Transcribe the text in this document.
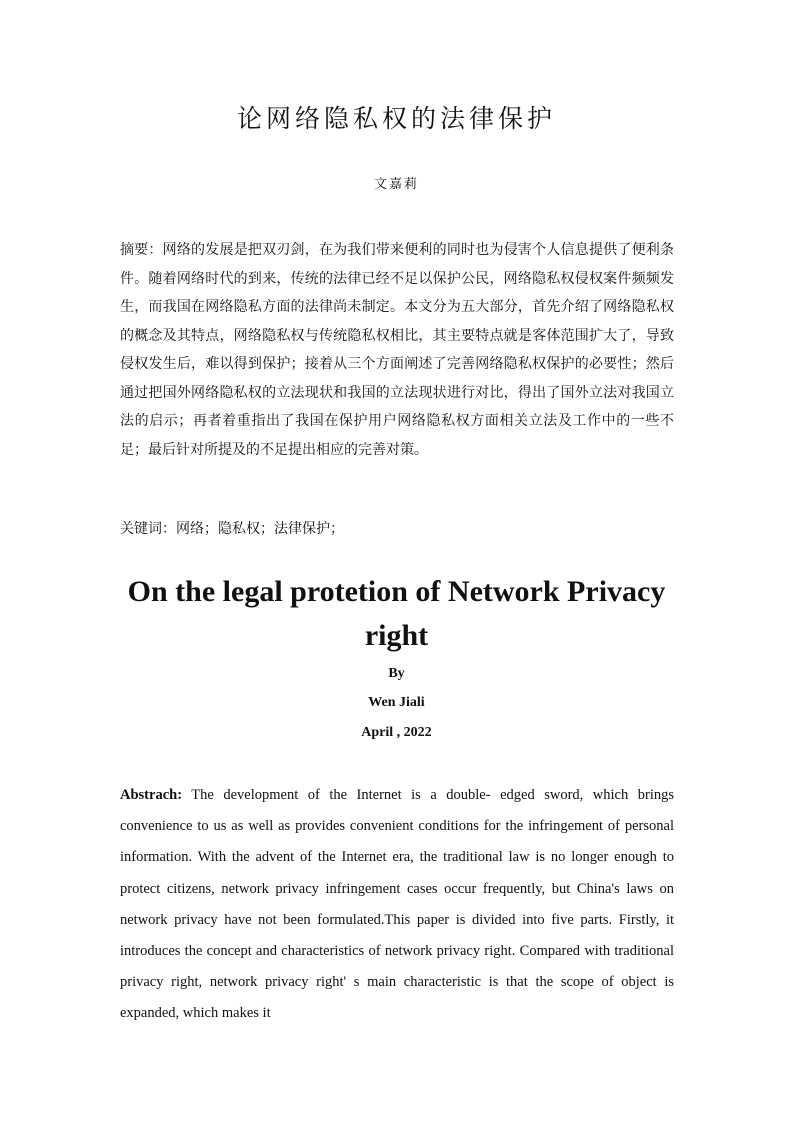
论网络隐私权的法律保护
文嘉莉
摘要：网络的发展是把双刃剑，在为我们带来便利的同时也为侵害个人信息提供了便利条件。随着网络时代的到来，传统的法律已经不足以保护公民，网络隐私权侵权案件频频发生，而我国在网络隐私方面的法律尚未制定。本文分为五大部分，首先介绍了网络隐私权的概念及其特点，网络隐私权与传统隐私权相比，其主要特点就是客体范围扩大了，导致侵权发生后，难以得到保护；接着从三个方面阐述了完善网络隐私权保护的必要性；然后通过把国外网络隐私权的立法现状和我国的立法现状进行对比，得出了国外立法对我国立法的启示；再者着重指出了我国在保护用户网络隐私权方面相关立法及工作中的一些不足；最后针对所提及的不足提出相应的完善对策。
关键词：网络；隐私权；法律保护；
On the legal protetion of Network Privacy right
By
Wen Jiali
April , 2022
Abstrach: The development of the Internet is a double- edged sword, which brings convenience to us as well as provides convenient conditions for the infringement of personal information. With the advent of the Internet era, the traditional law is no longer enough to protect citizens, network privacy infringement cases occur frequently, but China's laws on network privacy have not been formulated.This paper is divided into five parts. Firstly, it introduces the concept and characteristics of network privacy right. Compared with traditional privacy right, network privacy right' s main characteristic is that the scope of object is expanded, which makes it
